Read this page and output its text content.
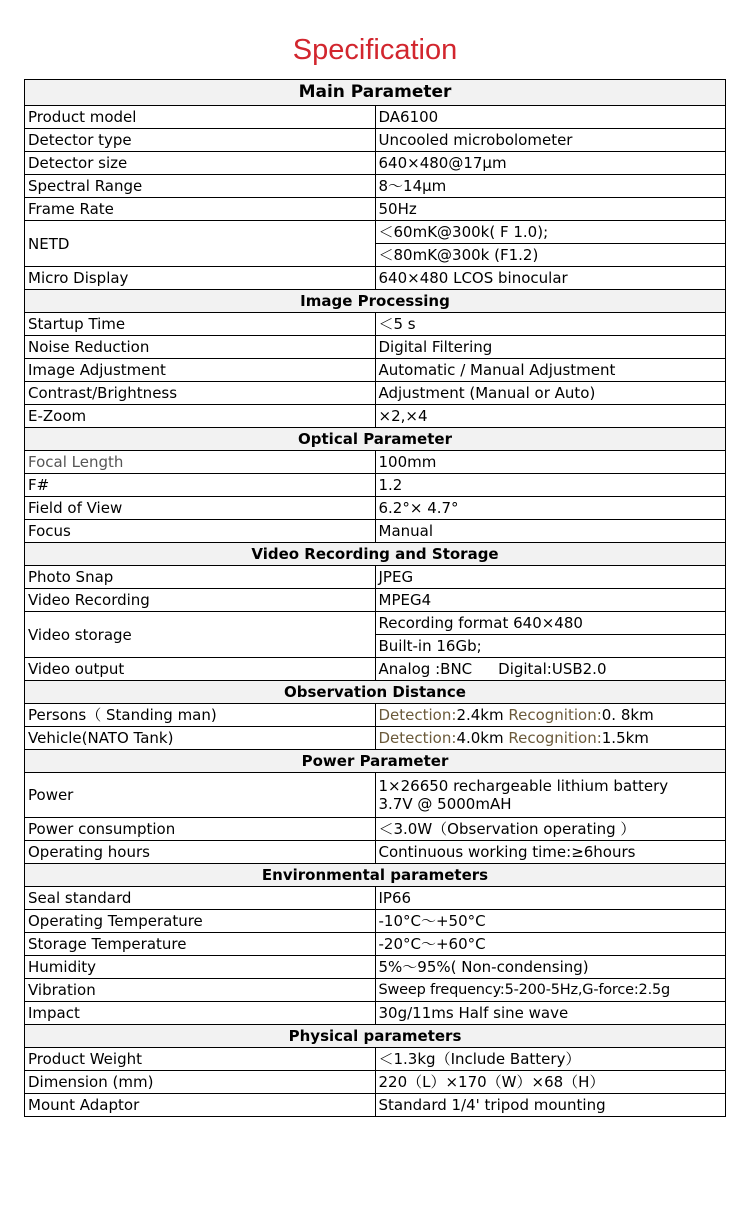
Specification
Main Parameter	
Product model	DA6100
Detector type	Uncooled microbolometer
Detector size	640×480@17μm
Spectral Range	8～14μm
Frame Rate	50Hz
NETD	＜60mK@300k( F 1.0);
	＜80mK@300k (F1.2)
Micro Display	640×480 LCOS binocular
Image Processing	
Startup Time	＜5 s
Noise Reduction	Digital Filtering
Image Adjustment	Automatic / Manual Adjustment
Contrast/Brightness	Adjustment (Manual or Auto)
E-Zoom	×2,×4
Optical Parameter	
Focal Length	100mm
F#	1.2
Field of View	6.2°× 4.7°
Focus	Manual
Video Recording and Storage	
Photo Snap	JPEG
Video Recording	MPEG4
Video storage	Recording format 640×480
	Built-in 16Gb;
Video output	Analog :BNC Digital:USB2.0
Observation Distance	
Persons（ Standing man)	Detection:2.4km Recognition:0. 8km
Vehicle(NATO Tank)	Detection:4.0km Recognition:1.5km
Power Parameter	
Power	1×26650 rechargeable lithium battery
3.7V @ 5000mAH

Power consumption	＜3.0W（Observation operating ）
Operating hours	Continuous working time:≥6hours
Environmental parameters	
Seal standard	IP66
Operating Temperature	-10°C～+50°C
Storage Temperature	-20°C～+60°C
Humidity	5%～95%( Non-condensing)
Vibration	Sweep frequency:5-200-5Hz,G-force:2.5g
Impact	30g/11ms Half sine wave
Physical parameters	
Product Weight	＜1.3kg（Include Battery）
Dimension (mm)	220（L）×170（W）×68（H）
Mount Adaptor	Standard 1/4' tripod mounting
